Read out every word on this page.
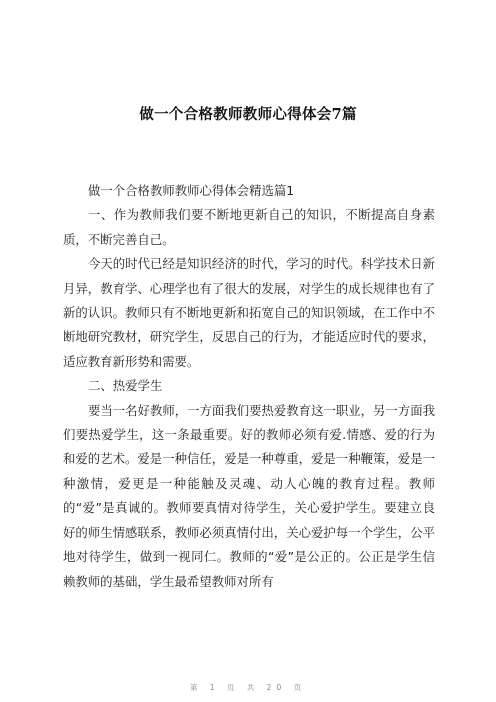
做一个合格教师教师心得体会7篇

做一个合格教师教师心得体会精选篇1

一、作为教师我们要不断地更新自己的知识，不断提高自身素质，不断完善自己。

今天的时代已经是知识经济的时代，学习的时代。科学技术日新月异，教育学、心理学也有了很大的发展，对学生的成长规律也有了新的认识。教师只有不断地更新和拓宽自己的知识领域，在工作中不断地研究教材，研究学生，反思自己的行为，才能适应时代的要求，适应教育新形势和需要。

二、热爱学生

要当一名好教师，一方面我们要热爱教育这一职业，另一方面我们要热爱学生，这一条最重要。好的教师必须有爱.情感、爱的行为和爱的艺术。爱是一种信任，爱是一种尊重，爱是一种鞭策，爱是一种激情，爱更是一种能触及灵魂、动人心魄的教育过程。教师的“爱”是真诚的。教师要真情对待学生，关心爱护学生。要建立良好的师生情感联系，教师必须真情付出，关心爱护每一个学生，公平地对待学生，做到一视同仁。教师的“爱”是公正的。公正是学生信赖教师的基础，学生最希望教师对所有

第 1 页 共 20 页
